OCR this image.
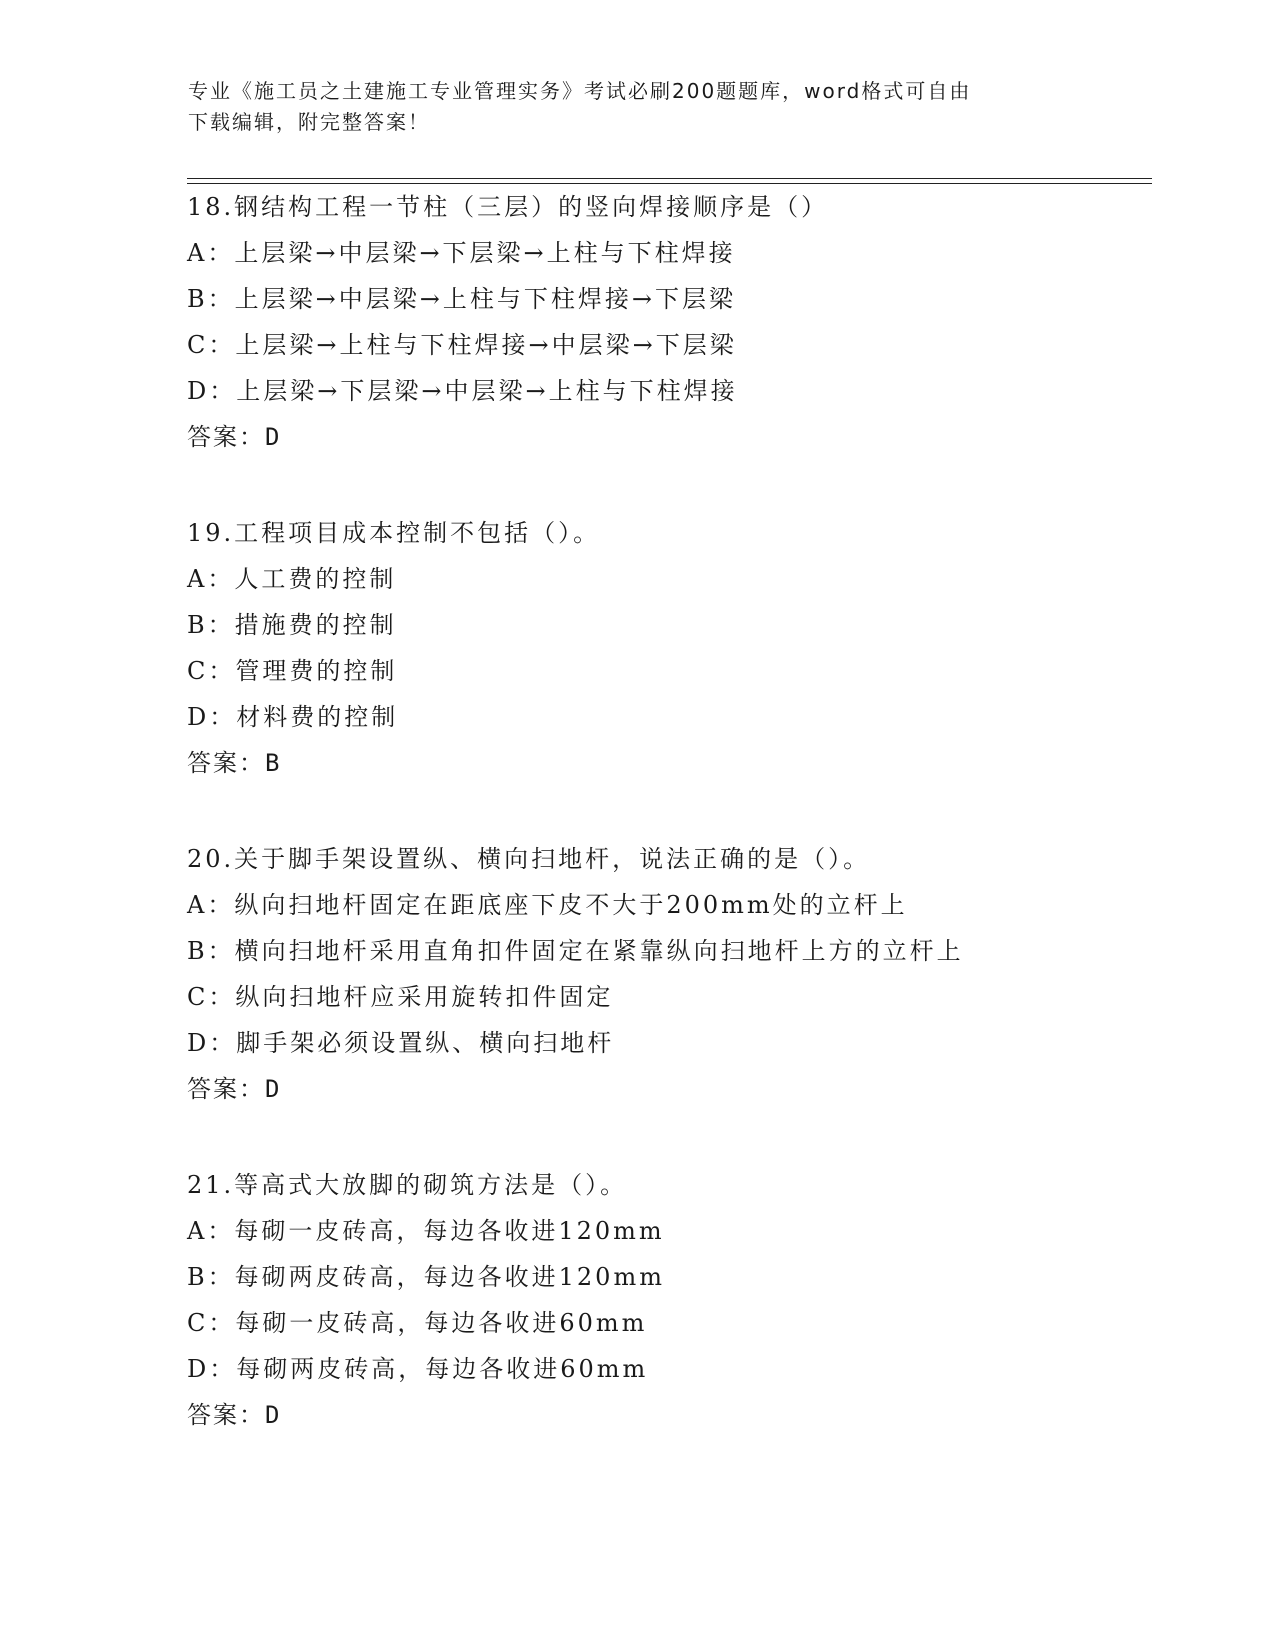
专业《施工员之土建施工专业管理实务》考试必刷200题题库，word格式可自由
下载编辑，附完整答案！
18.钢结构工程一节柱（三层）的竖向焊接顺序是（）
A：上层梁→中层梁→下层梁→上柱与下柱焊接
B：上层梁→中层梁→上柱与下柱焊接→下层梁
C：上层梁→上柱与下柱焊接→中层梁→下层梁
D：上层梁→下层梁→中层梁→上柱与下柱焊接
答案：D
19.工程项目成本控制不包括（）。
A：人工费的控制
B：措施费的控制
C：管理费的控制
D：材料费的控制
答案：B
20.关于脚手架设置纵、横向扫地杆，说法正确的是（）。
A：纵向扫地杆固定在距底座下皮不大于200mm处的立杆上
B：横向扫地杆采用直角扣件固定在紧靠纵向扫地杆上方的立杆上
C：纵向扫地杆应采用旋转扣件固定
D：脚手架必须设置纵、横向扫地杆
答案：D
21.等高式大放脚的砌筑方法是（）。
A：每砌一皮砖高，每边各收进120mm
B：每砌两皮砖高，每边各收进120mm
C：每砌一皮砖高，每边各收进60mm
D：每砌两皮砖高，每边各收进60mm
答案：D
